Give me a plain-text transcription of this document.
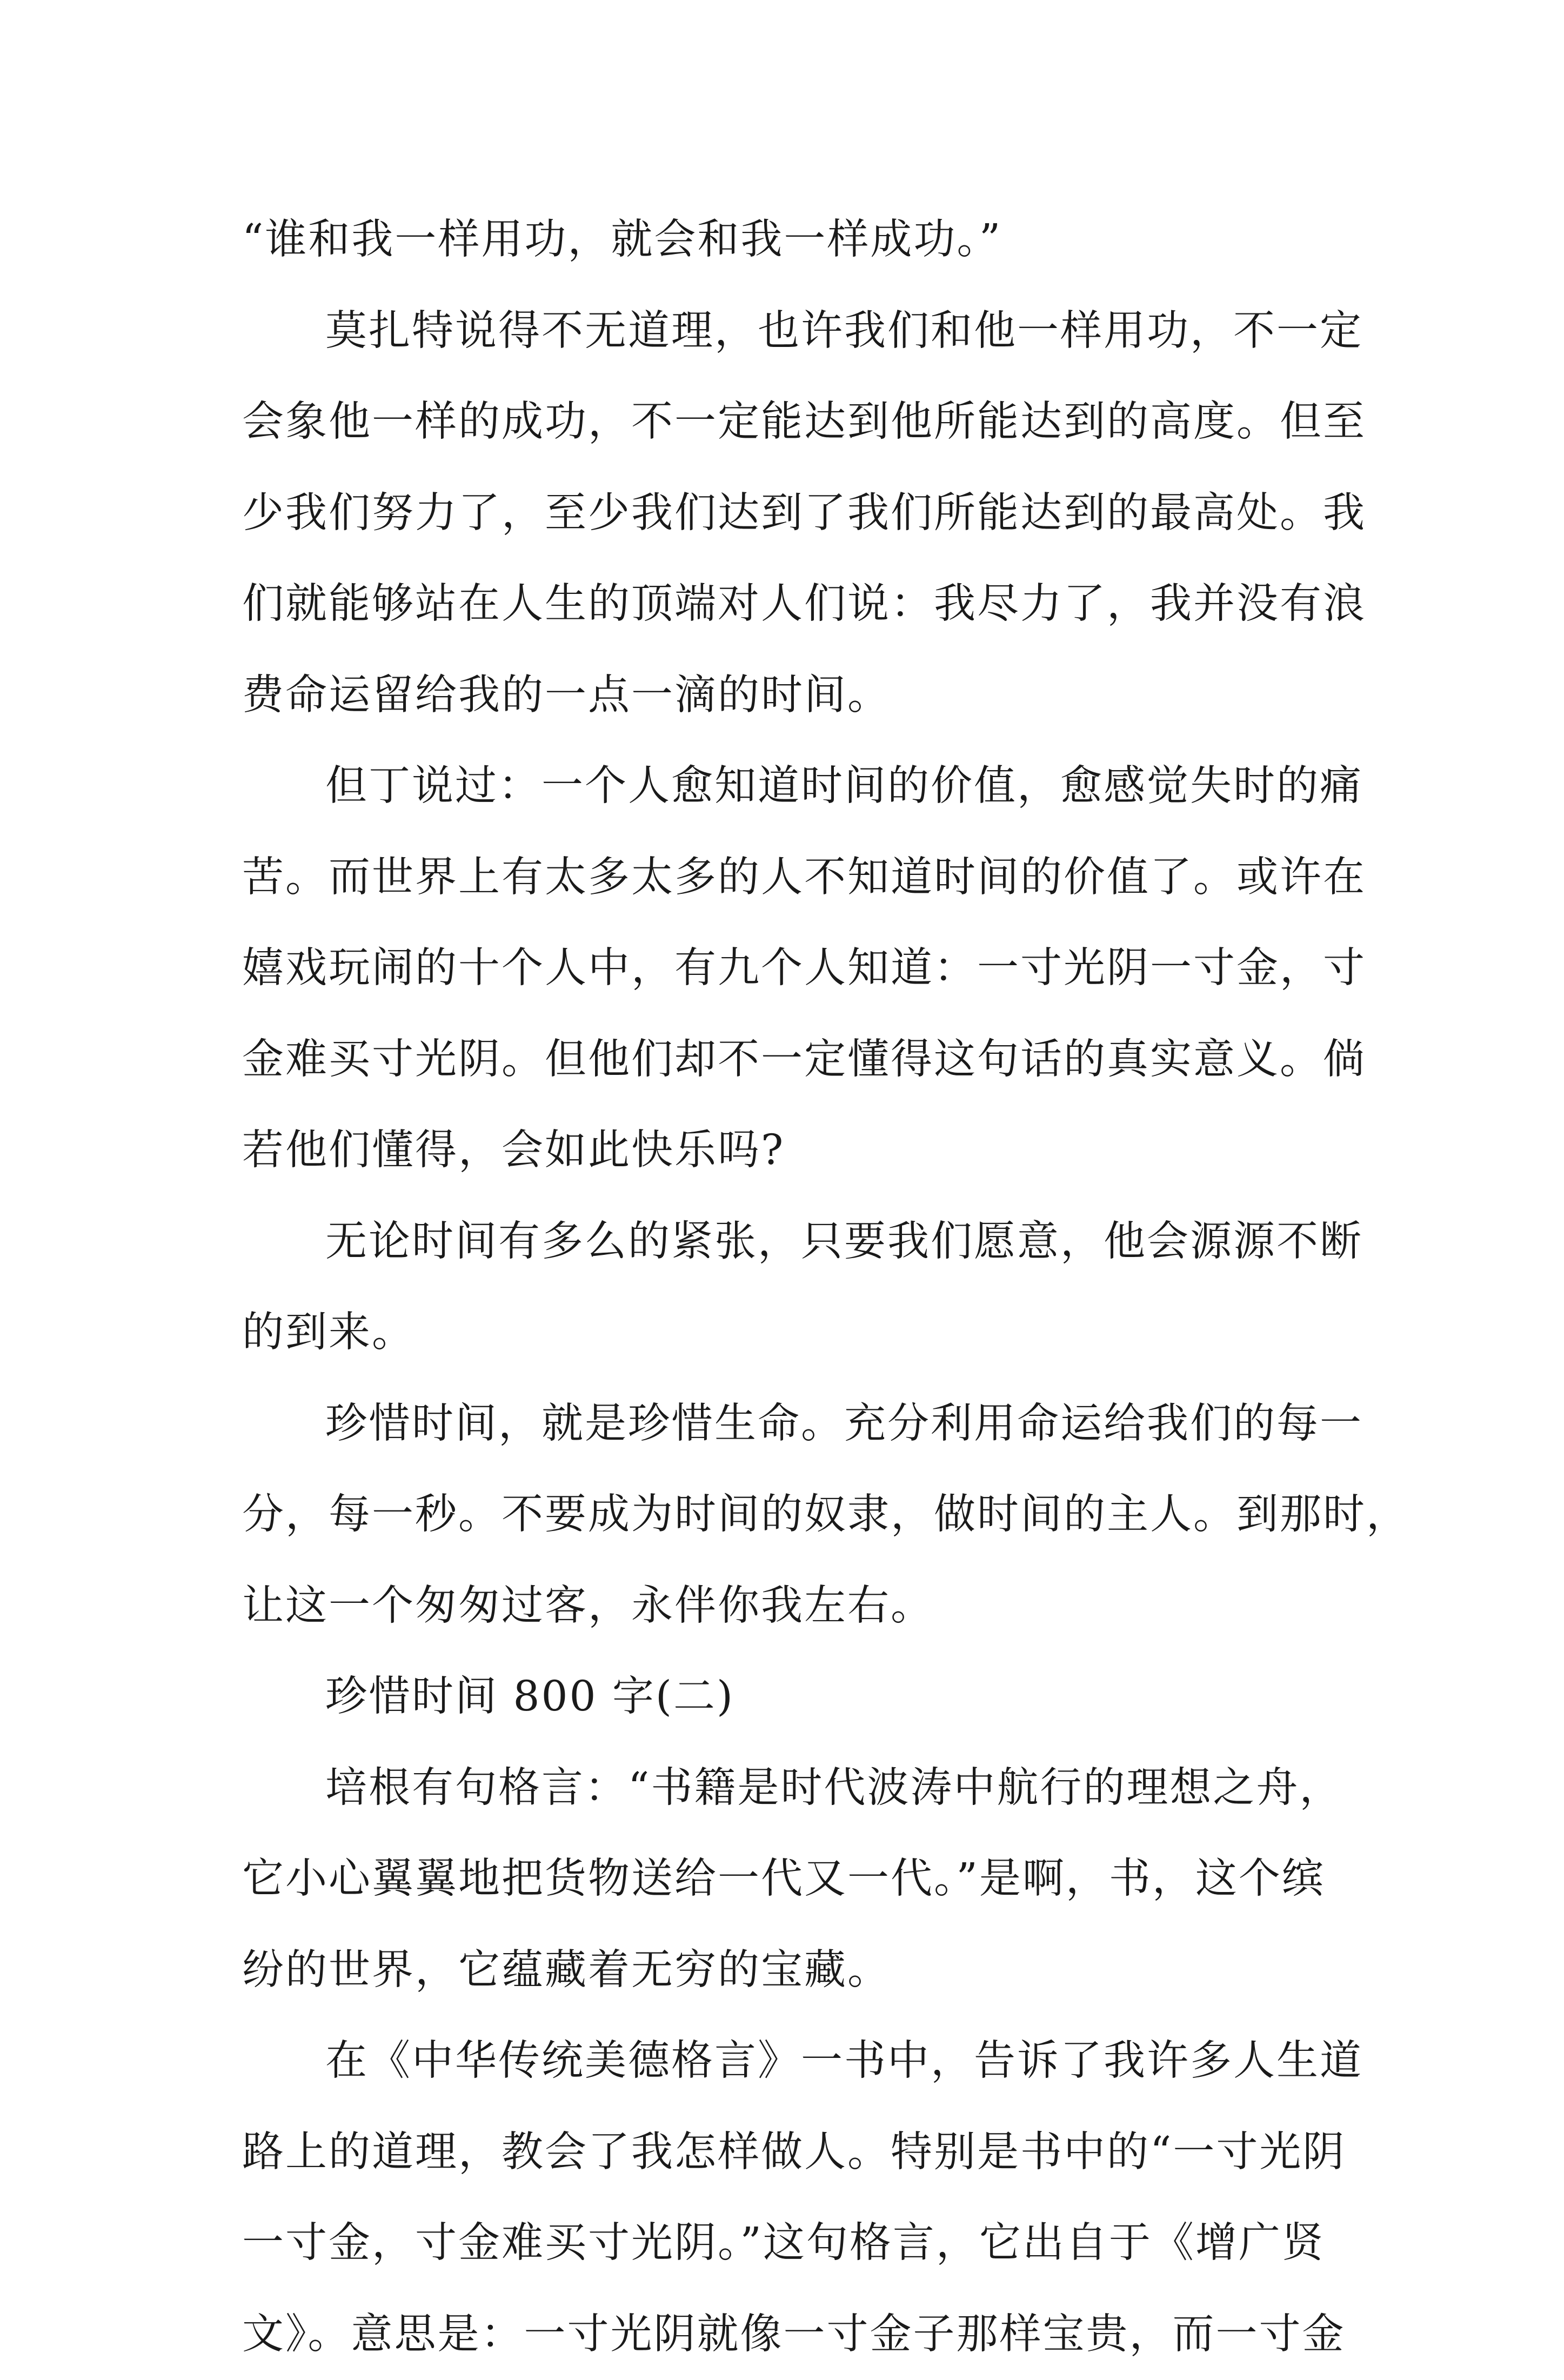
“谁和我一样用功，就会和我一样成功。”
莫扎特说得不无道理，也许我们和他一样用功，不一定
会象他一样的成功，不一定能达到他所能达到的高度。但至
少我们努力了，至少我们达到了我们所能达到的最高处。我
们就能够站在人生的顶端对人们说：我尽力了，我并没有浪
费命运留给我的一点一滴的时间。
但丁说过：一个人愈知道时间的价值，愈感觉失时的痛
苦。而世界上有太多太多的人不知道时间的价值了。或许在
嬉戏玩闹的十个人中，有九个人知道：一寸光阴一寸金，寸
金难买寸光阴。但他们却不一定懂得这句话的真实意义。倘
若他们懂得，会如此快乐吗?
无论时间有多么的紧张，只要我们愿意，他会源源不断
的到来。
珍惜时间，就是珍惜生命。充分利用命运给我们的每一
分，每一秒。不要成为时间的奴隶，做时间的主人。到那时，
让这一个匆匆过客，永伴你我左右。
珍惜时间 800 字(二)
培根有句格言：“书籍是时代波涛中航行的理想之舟，
它小心翼翼地把货物送给一代又一代。”是啊，书，这个缤
纷的世界，它蕴藏着无穷的宝藏。
在《中华传统美德格言》一书中，告诉了我许多人生道
路上的道理，教会了我怎样做人。特别是书中的“一寸光阴
一寸金，寸金难买寸光阴。”这句格言，它出自于《增广贤
文》。意思是：一寸光阴就像一寸金子那样宝贵，而一寸金
